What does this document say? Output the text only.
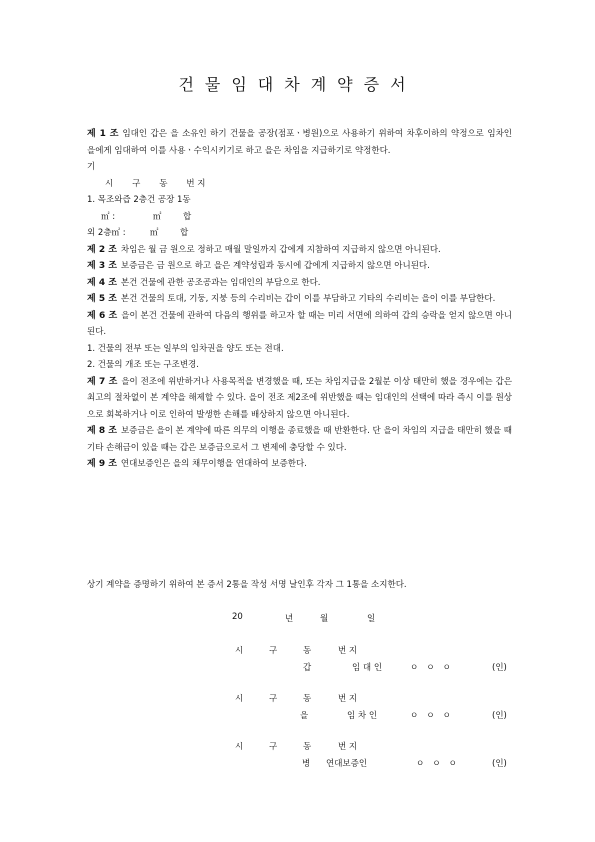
건물임대차계약증서
제 1 조 임대인 갑은 을 소유인 하기 건물을 공장(점포ㆍ병원)으로 사용하기 위하여 차후이하의 약정으로 임차인 을에게 임대하여 이를 사용ㆍ수익시키기로 하고 을은 차임을 지급하기로 약정한다.
기
시       구       동       번 지
1. 목조와즙 2층건 공장 1동
㎡ :              ㎡        합
외 2층㎡ :         ㎡        합
제 2 조 차임은 월 금 원으로 정하고 매월 말일까지 갑에게 지참하여 지급하지 않으면 아니된다.
제 3 조 보증금은 금 원으로 하고 을은 계약성립과 동시에 갑에게 지급하지 않으면 아니된다.
제 4 조 본건 건물에 관한 공조공과는 임대인의 부담으로 한다.
제 5 조 본건 건물의 토대, 기둥, 지붕 등의 수리비는 갑이 이를 부담하고 기타의 수리비는 을이 이를 부담한다.
제 6 조 을이 본건 건물에 관하여 다음의 행위를 하고자 할 때는 미리 서면에 의하여 갑의 승락을 얻지 않으면 아니된다.
1. 건물의 전부 또는 일부의 임차권을 양도 또는 전대.
2. 건물의 개조 또는 구조변경.
제 7 조 을이 전조에 위반하거나 사용목적을 변경했을 때, 또는 차임지급을 2월분 이상 태만히 했을 경우에는 갑은 최고의 절차없이 본 계약을 해제할 수 있다. 을이 전조 제2조에 위반했을 때는 임대인의 선택에 따라 즉시 이를 원상으로 회복하거나 이로 인하여 발생한 손해를 배상하지 않으면 아니된다.
제 8 조 보증금은 을이 본 계약에 따른 의무의 이행을 종료했을 때 반환한다. 단 을이 차임의 지급을 태만히 했을 때 기타 손해금이 있을 때는 갑은 보증금으로서 그 변제에 충당할 수 있다.
제 9 조 연대보증인은 을의 채무이행을 연대하여 보증한다.
상기 계약을 증명하기 위하여 본 증서 2통을 작성 서명 날인후 각자 그 1통을 소지한다.
20	년	월	일
시	구	동	번 지
갑	임 대 인	ㅇ   ㅇ   ㅇ	(인)
시	구	동	번 지
을	임 차 인	ㅇ   ㅇ   ㅇ	(인)
시	구	동	번 지
병 연대보증인	ㅇ   ㅇ   ㅇ	(인)
